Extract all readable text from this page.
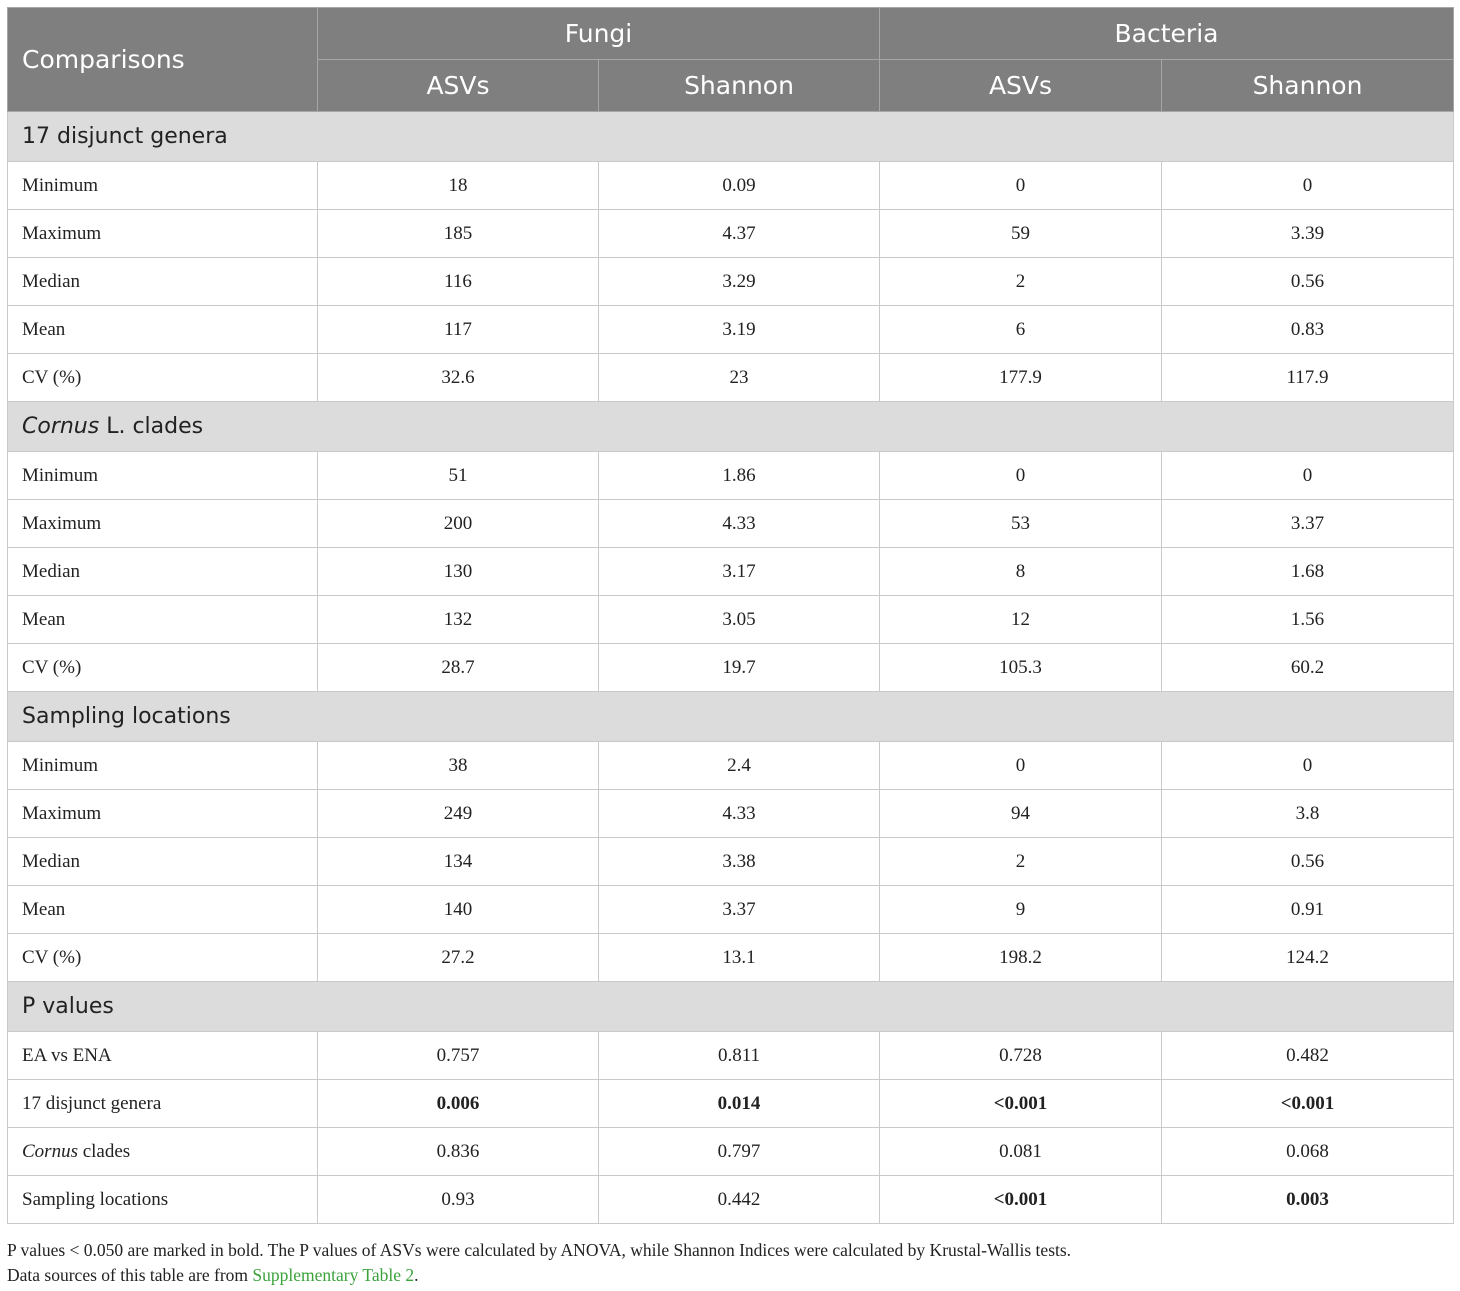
Comparisons	Fungi		Bacteria	
	ASVs	Shannon	ASVs	Shannon
17 disjunct genera				
Minimum	18	0.09	0	0
Maximum	185	4.37	59	3.39
Median	116	3.29	2	0.56
Mean	117	3.19	6	0.83
CV (%)	32.6	23	177.9	117.9
Cornus L. clades				
Minimum	51	1.86	0	0
Maximum	200	4.33	53	3.37
Median	130	3.17	8	1.68
Mean	132	3.05	12	1.56
CV (%)	28.7	19.7	105.3	60.2
Sampling locations				
Minimum	38	2.4	0	0
Maximum	249	4.33	94	3.8
Median	134	3.38	2	0.56
Mean	140	3.37	9	0.91
CV (%)	27.2	13.1	198.2	124.2
P values				
EA vs ENA	0.757	0.811	0.728	0.482
17 disjunct genera	0.006	0.014	<0.001	<0.001
Cornus clades	0.836	0.797	0.081	0.068
Sampling locations	0.93	0.442	<0.001	0.003
P values < 0.050 are marked in bold. The P values of ASVs were calculated by ANOVA, while Shannon Indices were calculated by Krustal-Wallis tests.
Data sources of this table are from Supplementary Table 2.
